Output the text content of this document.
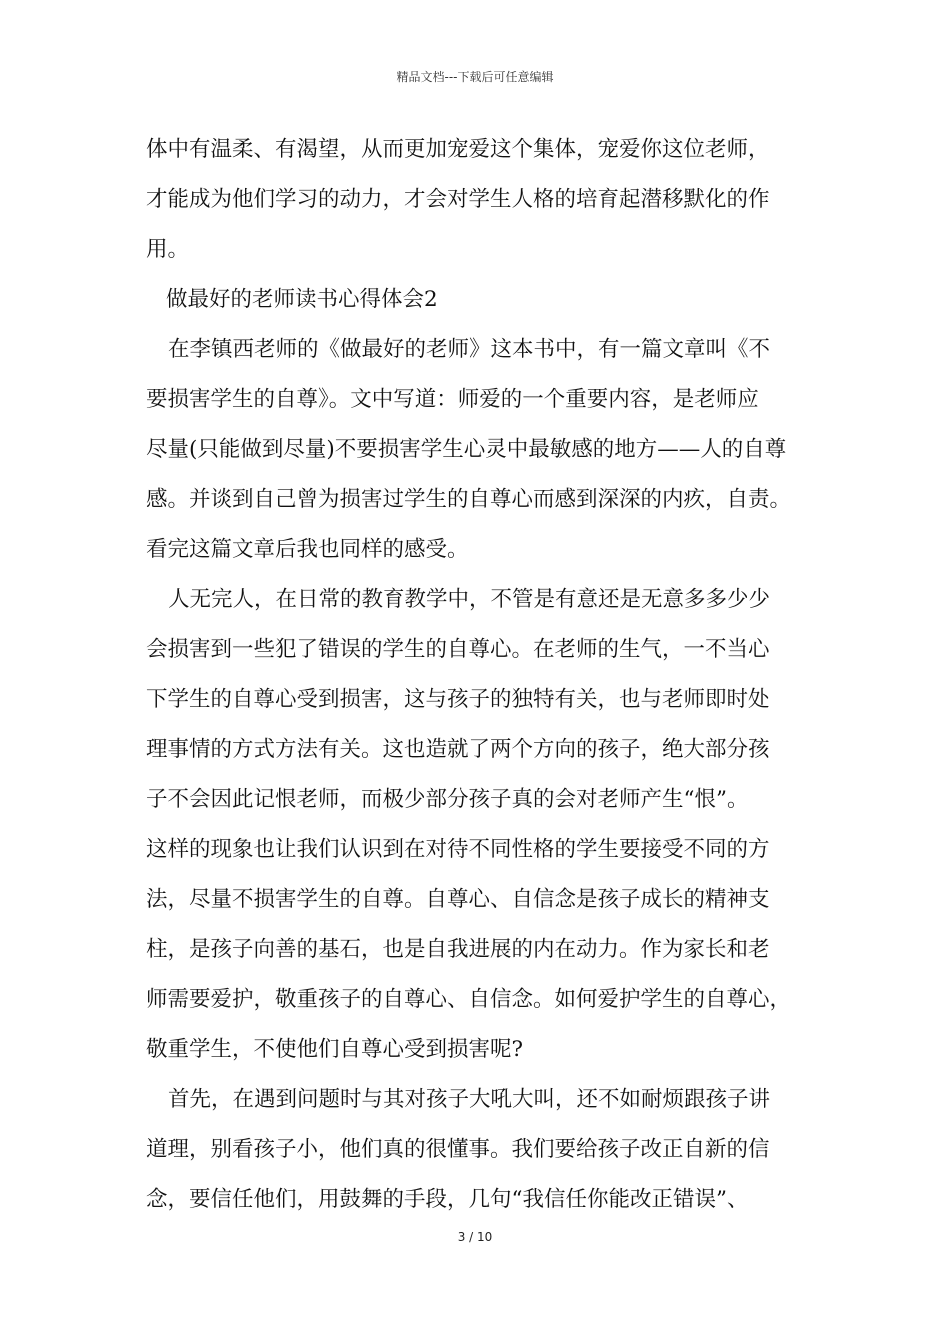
精品文档---下载后可任意编辑
体中有温柔、有渴望，从而更加宠爱这个集体，宠爱你这位老师，
才能成为他们学习的动力，才会对学生人格的培育起潜移默化的作
用。
做最好的老师读书心得体会2
在李镇西老师的《做最好的老师》这本书中，有一篇文章叫《不
要损害学生的自尊》。文中写道：师爱的一个重要内容，是老师应
尽量(只能做到尽量)不要损害学生心灵中最敏感的地方——人的自尊
感。并谈到自己曾为损害过学生的自尊心而感到深深的内疚，自责。
看完这篇文章后我也同样的感受。
人无完人，在日常的教育教学中，不管是有意还是无意多多少少
会损害到一些犯了错误的学生的自尊心。在老师的生气，一不当心
下学生的自尊心受到损害，这与孩子的独特有关，也与老师即时处
理事情的方式方法有关。这也造就了两个方向的孩子，绝大部分孩
子不会因此记恨老师，而极少部分孩子真的会对老师产生“恨”。
这样的现象也让我们认识到在对待不同性格的学生要接受不同的方
法，尽量不损害学生的自尊。自尊心、自信念是孩子成长的精神支
柱，是孩子向善的基石，也是自我进展的内在动力。作为家长和老
师需要爱护，敬重孩子的自尊心、自信念。如何爱护学生的自尊心，
敬重学生，不使他们自尊心受到损害呢?
首先，在遇到问题时与其对孩子大吼大叫，还不如耐烦跟孩子讲
道理，别看孩子小，他们真的很懂事。我们要给孩子改正自新的信
念，要信任他们，用鼓舞的手段，几句“我信任你能改正错误”、
3 / 10
